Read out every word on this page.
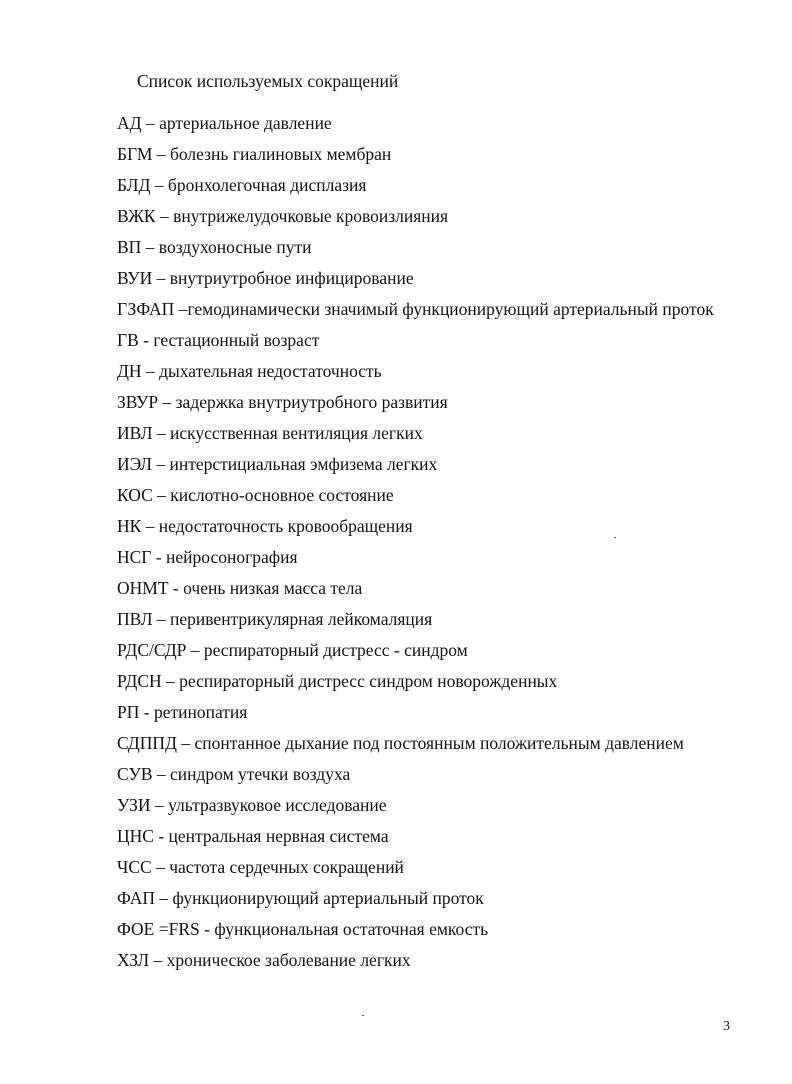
Список используемых сокращений
АД – артериальное давление
БГМ – болезнь гиалиновых мембран
БЛД – бронхолегочная дисплазия
ВЖК – внутрижелудочковые кровоизлияния
ВП – воздухоносные пути
ВУИ – внутриутробное инфицирование
ГЗФАП –гемодинамически значимый функционирующий артериальный проток
ГВ - гестационный возраст
ДН – дыхательная недостаточность
ЗВУР – задержка внутриутробного развития
ИВЛ – искусственная вентиляция легких
ИЭЛ – интерстициальная эмфизема легких
КОС – кислотно-основное состояние
НК – недостаточность кровообращения
НСГ - нейросонография
ОНМТ - очень низкая масса тела
ПВЛ – перивентрикулярная лейкомаляция
РДС/СДР – респираторный дистресс - синдром
РДСН – респираторный дистресс синдром новорожденных
РП - ретинопатия
СДППД – спонтанное дыхание под постоянным положительным давлением
СУВ – синдром утечки воздуха
УЗИ – ультразвуковое исследование
ЦНС - центральная нервная система
ЧСС – частота сердечных сокращений
ФАП – функционирующий артериальный проток
ФОЕ =FRS - функциональная остаточная емкость
ХЗЛ – хроническое заболевание легких
3
